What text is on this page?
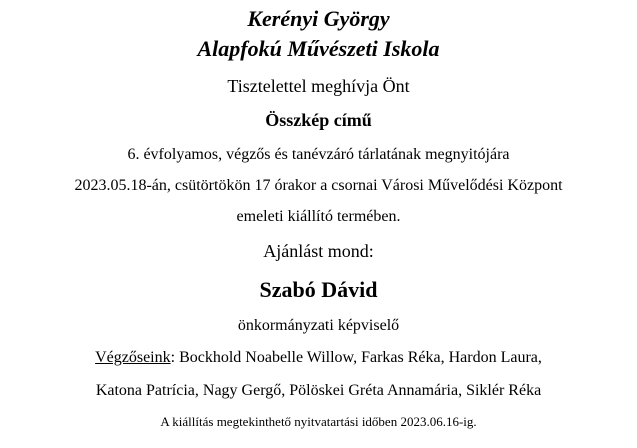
Kerényi György
Alapfokú Művészeti Iskola
Tisztelettel meghívja Önt
Összkép című
6. évfolyamos, végzős és tanévzáró tárlatának megnyitójára
2023.05.18-án, csütörtökön 17 órakor a csornai Városi Művelődési Központ
emeleti kiállító termében.
Ajánlást mond:
Szabó Dávid
önkormányzati képviselő
Végzőseink: Bockhold Noabelle Willow, Farkas Réka, Hardon Laura,
Katona Patrícia, Nagy Gergő, Pölöskei Gréta Annamária, Siklér Réka
A kiállítás megtekinthető nyitvatartási időben 2023.06.16-ig.
